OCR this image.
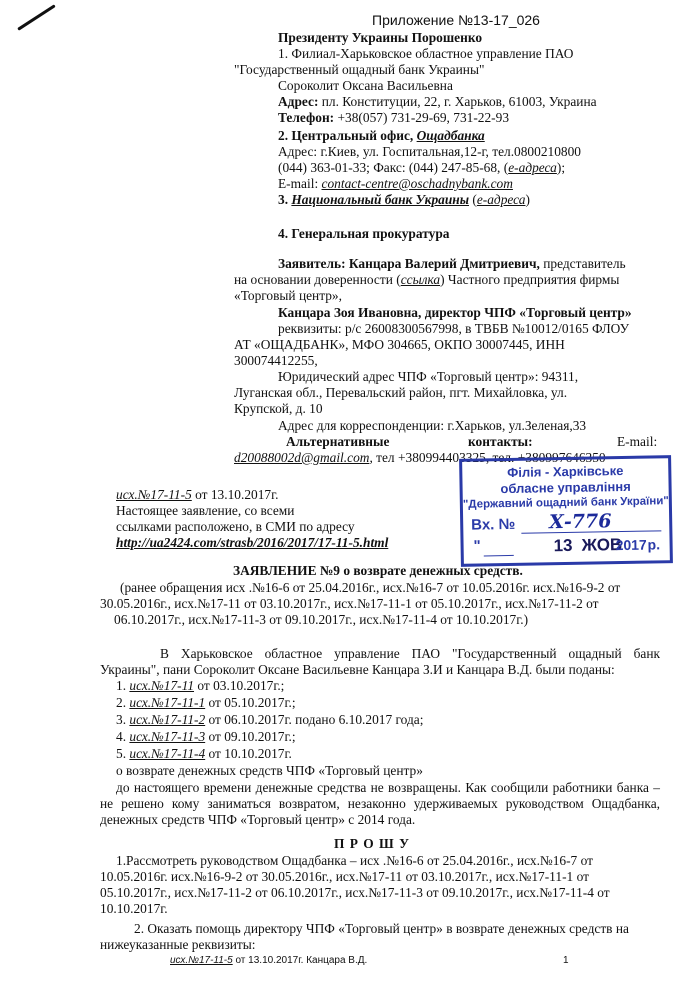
Приложение №13-17_026
Президенту Украины Порошенко
1. Филиал-Харьковское областное управление ПАО
"Государственный ощадный банк Украины"
Сороколит Оксана Васильевна
Адрес: пл. Конституции, 22, г. Харьков, 61003, Украина
Телефон: +38(057) 731-29-69, 731-22-93
2. Центральный офис, Ощадбанка
Адрес: г.Киев, ул. Госпитальная,12-г, тел.0800210800
(044) 363-01-33; Факс: (044) 247-85-68, (е-адреса);
E-mail: contact-centre@oschadnybank.com
3. Национальный банк Украины (е-адреса)
4. Генеральная прокуратура
Заявитель: Канцара Валерий Дмитриевич, представитель
на основании доверенности (ссылка) Частного предприятия фирмы
«Торговый центр»,
Канцара Зоя Ивановна, директор ЧПФ «Торговый центр»
реквизиты: р/с 26008300567998, в ТВБВ №10012/0165 ФЛОУ
АТ «ОЩАДБАНК», МФО 304665, ОКПО 30007445, ИНН
300074412255,
Юридический адрес ЧПФ «Торговый центр»: 94311,
Луганская обл., Перевальский район, пгт. Михайловка, ул.
Крупской, д. 10
Адрес для корреспонденции: г.Харьков, ул.Зеленая,33
Альтернативные	контакты:	E-mail:
d20088002d@gmail.com, тел +380994403325, тел. +380997646350
Філія - Харківське
обласне управління
"Державний ощадний банк України"
Вх. № Х-776
"	13 ЖОВ
2017 р.
исх.№17-11-5 от 13.10.2017г.
Настоящее заявление, со всеми
ссылками расположено, в СМИ по адресу
http://ua2424.com/strasb/2016/2017/17-11-5.html
ЗАЯВЛЕНИЕ №9 о возврате денежных средств.
(ранее обращения исх .№16-6 от 25.04.2016г., исх.№16-7 от 10.05.2016г. исх.№16-9-2 от
30.05.2016г., исх.№17-11 от 03.10.2017г., исх.№17-11-1 от 05.10.2017г., исх.№17-11-2 от
06.10.2017г., исх.№17-11-3 от 09.10.2017г., исх.№17-11-4 от 10.10.2017г.)
В Харьковское областное управление ПАО "Государственный ощадный банк Украины", пани Сороколит Оксане Васильевне Канцара З.И и Канцара В.Д. были поданы:
1. исх.№17-11 от 03.10.2017г.;
2. исх.№17-11-1 от 05.10.2017г.;
3. исх.№17-11-2 от 06.10.2017г. подано 6.10.2017 года;
4. исх.№17-11-3 от 09.10.2017г.;
5. исх.№17-11-4 от 10.10.2017г.
о возврате денежных средств ЧПФ «Торговый центр»
до настоящего времени денежные средства не возвращены. Как сообщили работники банка – не решено кому заниматься возвратом, незаконно удерживаемых руководством Ощадбанка, денежных средств ЧПФ «Торговый центр» с 2014 года.
П Р О Ш У
1.Рассмотреть руководством Ощадбанка – исх .№16-6 от 25.04.2016г., исх.№16-7 от
10.05.2016г. исх.№16-9-2 от 30.05.2016г., исх.№17-11 от 03.10.2017г., исх.№17-11-1 от
05.10.2017г., исх.№17-11-2 от 06.10.2017г., исх.№17-11-3 от 09.10.2017г., исх.№17-11-4 от
10.10.2017г.
2. Оказать помощь директору ЧПФ «Торговый центр» в возврате денежных средств на
нижеуказанные реквизиты:
исх.№17-11-5 от 13.10.2017г. Канцара В.Д.	1
